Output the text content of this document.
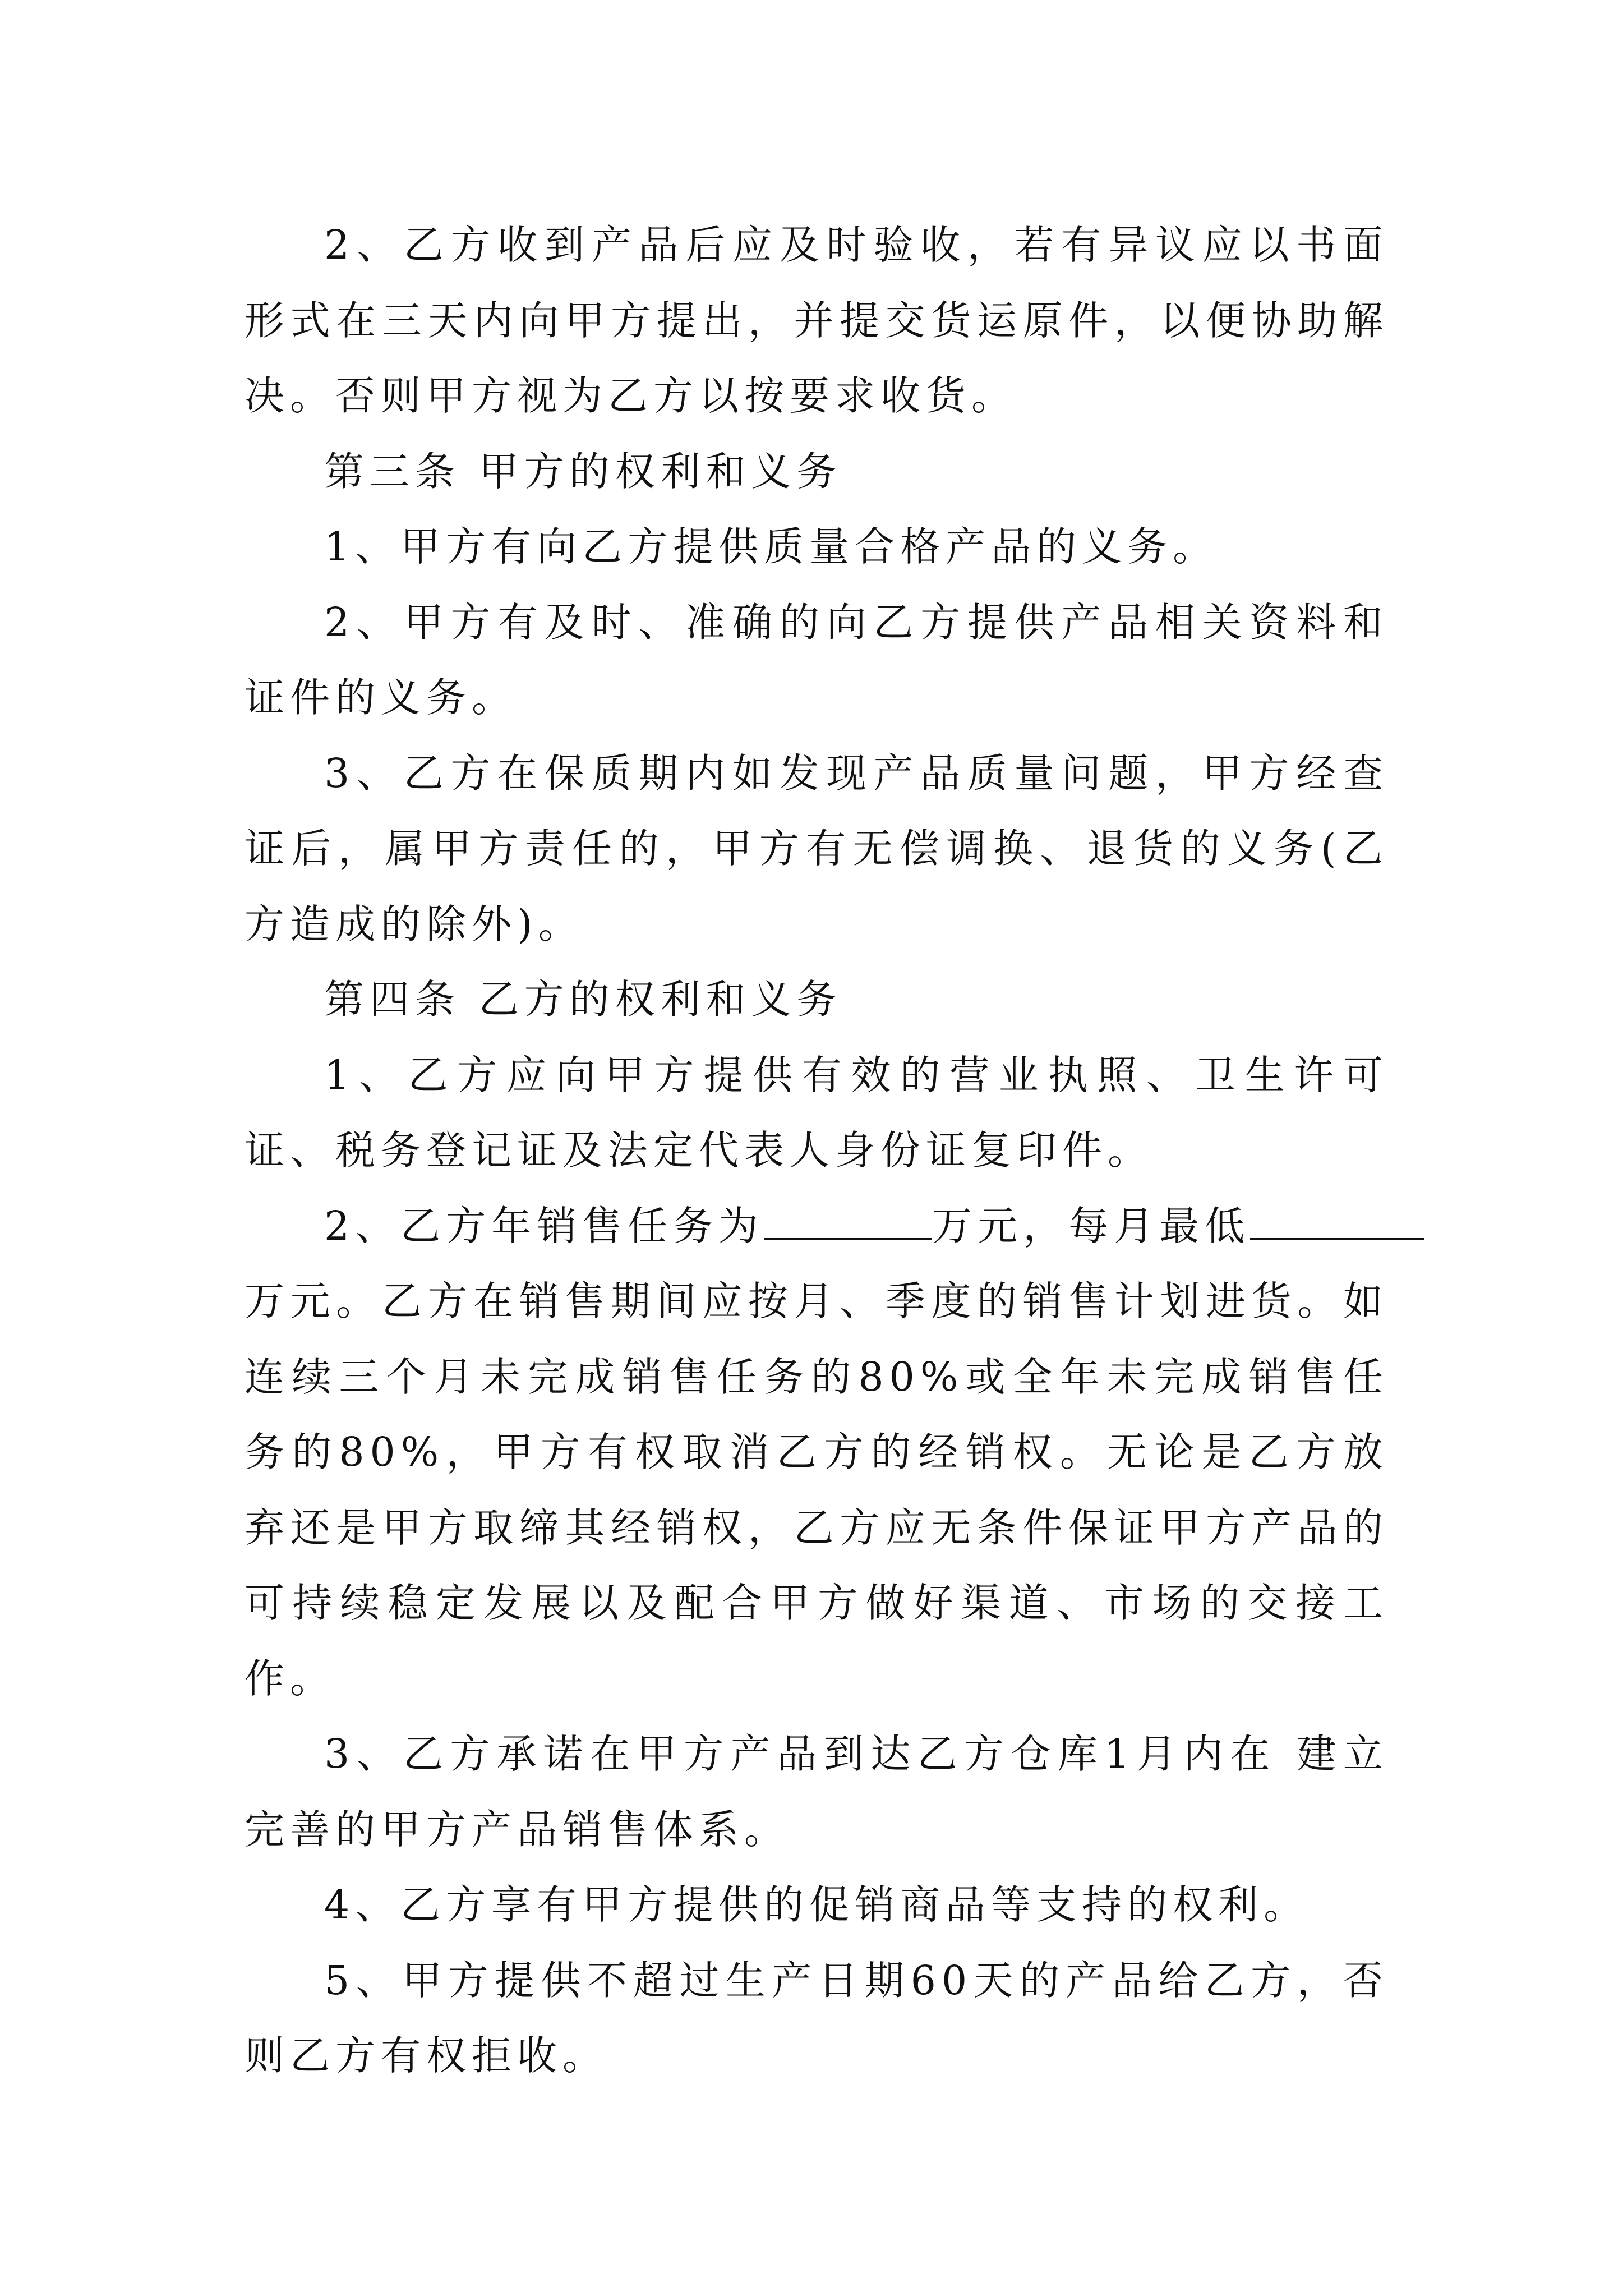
2、乙方收到产品后应及时验收，若有异议应以书面形式在三天内向甲方提出，并提交货运原件，以便协助解决。否则甲方视为乙方以按要求收货。

第三条 甲方的权利和义务

1、甲方有向乙方提供质量合格产品的义务。

2、甲方有及时、准确的向乙方提供产品相关资料和证件的义务。

3、乙方在保质期内如发现产品质量问题，甲方经查证后，属甲方责任的，甲方有无偿调换、退货的义务(乙方造成的除外)。

第四条 乙方的权利和义务

1、乙方应向甲方提供有效的营业执照、卫生许可证、税务登记证及法定代表人身份证复印件。

2、乙方年销售任务为	万元，每月最低万元。乙方在销售期间应按月、季度的销售计划进货。如连续三个月未完成销售任务的80%或全年未完成销售任务的80%，甲方有权取消乙方的经销权。无论是乙方放弃还是甲方取缔其经销权，乙方应无条件保证甲方产品的可持续稳定发展以及配合甲方做好渠道、市场的交接工作。

3、乙方承诺在甲方产品到达乙方仓库1月内在 建立完善的甲方产品销售体系。

4、乙方享有甲方提供的促销商品等支持的权利。

5、甲方提供不超过生产日期60天的产品给乙方，否则乙方有权拒收。
